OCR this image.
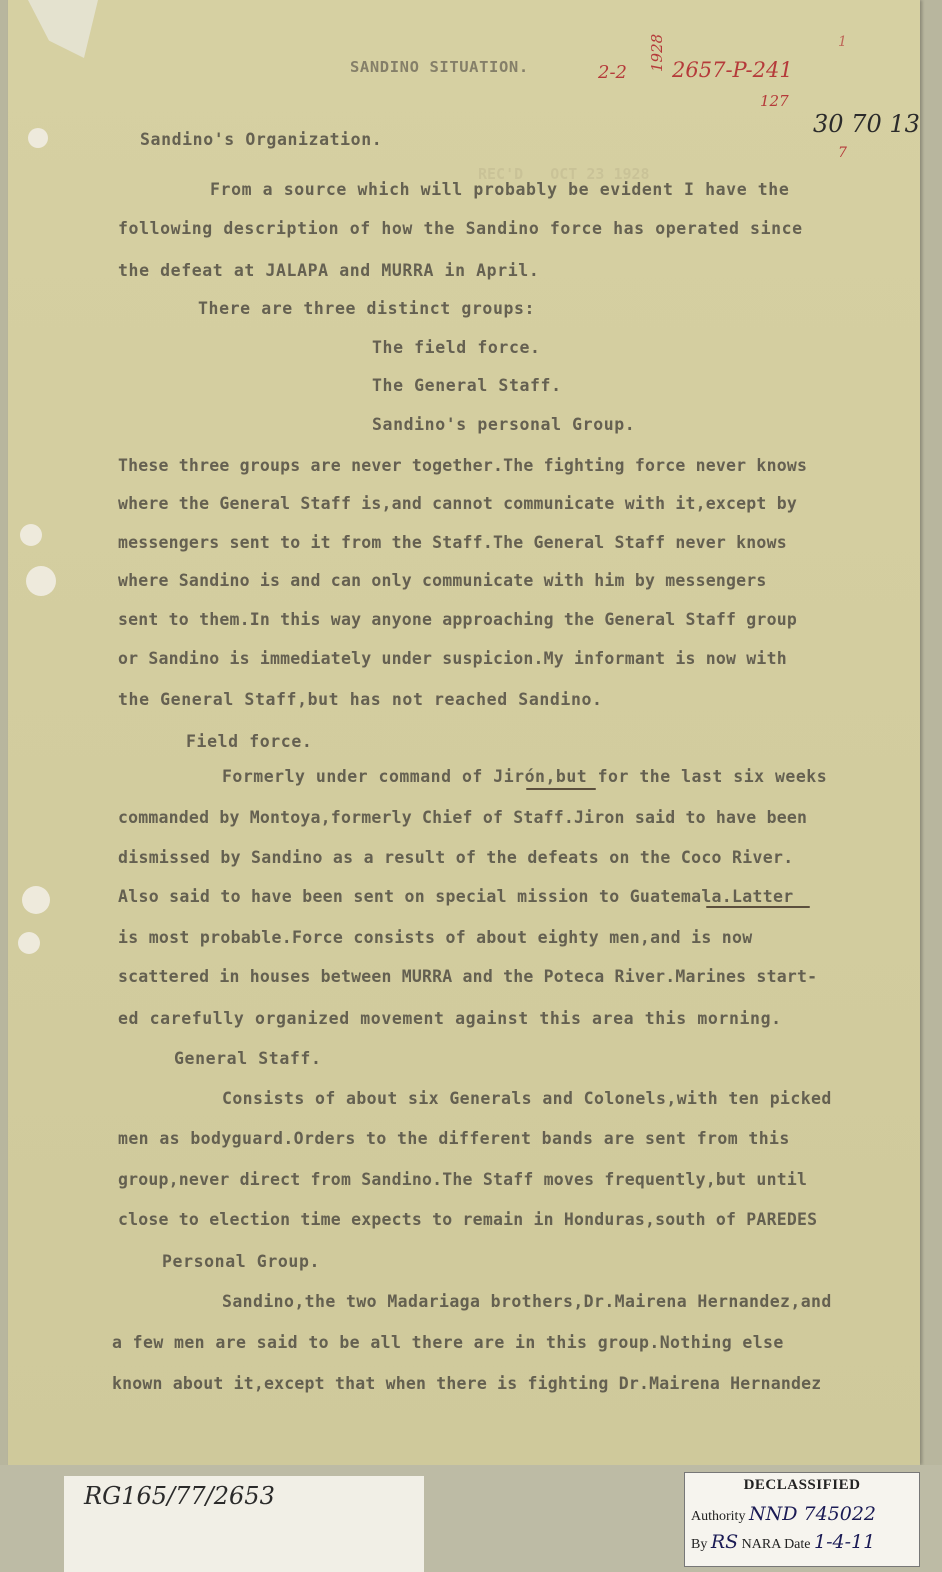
REC'D   OCT 23 1928
SANDINO SITUATION.	2-2
1928 2657-P-241
127
1
30 70 13
7
Sandino's Organization.
From a source which will probably be evident I have the
following description of how the Sandino force has operated since
the defeat at JALAPA and MURRA in April.
There are three distinct groups:
The field force.
The General Staff.
Sandino's personal Group.
These three groups are never together.The fighting force never knows
where the General Staff is,and cannot communicate with it,except by
messengers sent to it from the Staff.The General Staff never knows
where Sandino is and can only communicate with him by messengers
sent to them.In this way anyone approaching the General Staff group
or Sandino is immediately under suspicion.My informant is now with
the General Staff,but has not reached Sandino.
Field force.
Formerly under command of Jirón,but for the last six weeks
commanded by Montoya,formerly Chief of Staff.Jiron said to have been
dismissed by Sandino as a result of the defeats on the Coco River.
Also said to have been sent on special mission to Guatemala.Latter
is most probable.Force consists of about eighty men,and is now
scattered in houses between MURRA and the Poteca River.Marines start-
ed carefully organized movement against this area this morning.
General Staff.
Consists of about six Generals and Colonels,with ten picked
men as bodyguard.Orders to the different bands are sent from this
group,never direct from Sandino.The Staff moves frequently,but until
close to election time expects to remain in Honduras,south of PAREDES
Personal Group.
Sandino,the two Madariaga brothers,Dr.Mairena Hernandez,and
a few men are said to be all there are in this group.Nothing else
known about it,except that when there is fighting Dr.Mairena Hernandez
RG165/77/2653	DECLASSIFIED
Authority NND 745022
By RS NARA Date 1-4-11
